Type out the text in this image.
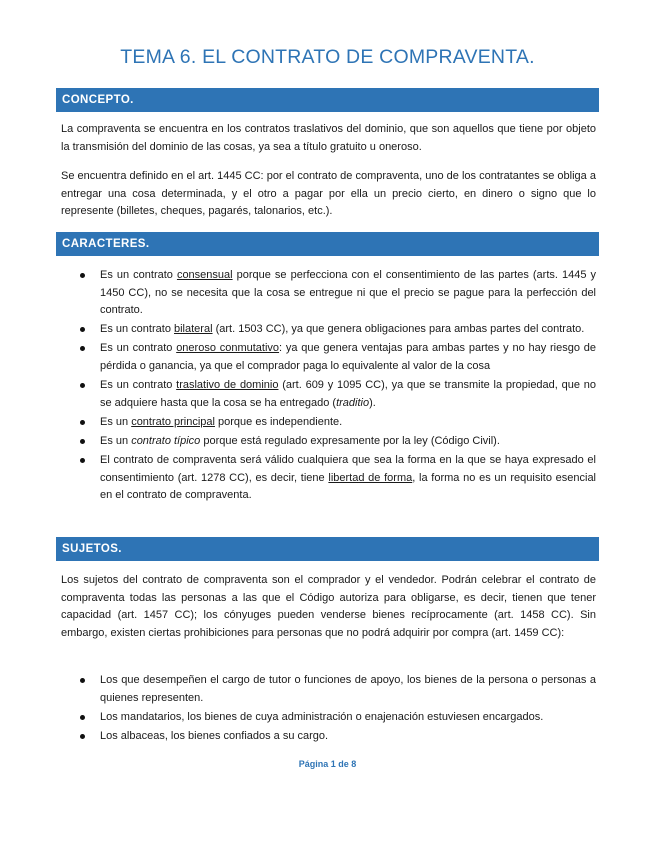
TEMA 6. EL CONTRATO DE COMPRAVENTA.
CONCEPTO.

La compraventa se encuentra en los contratos traslativos del dominio, que son aquellos que tiene por objeto la transmisión del dominio de las cosas, ya sea a título gratuito u oneroso.

Se encuentra definido en el art. 1445 CC: por el contrato de compraventa, uno de los contratantes se obliga a entregar una cosa determinada, y el otro a pagar por ella un precio cierto, en dinero o signo que lo represente (billetes, cheques, pagarés, talonarios, etc.).

CARACTERES.
Es un contrato consensual porque se perfecciona con el consentimiento de las partes (arts. 1445 y 1450 CC), no se necesita que la cosa se entregue ni que el precio se pague para la perfección del contrato.
Es un contrato bilateral (art. 1503 CC), ya que genera obligaciones para ambas partes del contrato.
Es un contrato oneroso conmutativo: ya que genera ventajas para ambas partes y no hay riesgo de pérdida o ganancia, ya que el comprador paga lo equivalente al valor de la cosa
Es un contrato traslativo de dominio (art. 609 y 1095 CC), ya que se transmite la propiedad, que no se adquiere hasta que la cosa se ha entregado (traditio).
Es un contrato principal porque es independiente.
Es un contrato típico porque está regulado expresamente por la ley (Código Civil).
El contrato de compraventa será válido cualquiera que sea la forma en la que se haya expresado el consentimiento (art. 1278 CC), es decir, tiene libertad de forma, la forma no es un requisito esencial en el contrato de compraventa.
SUJETOS.

Los sujetos del contrato de compraventa son el comprador y el vendedor. Podrán celebrar el contrato de compraventa todas las personas a las que el Código autoriza para obligarse, es decir, tienen que tener capacidad (art. 1457 CC); los cónyuges pueden venderse bienes recíprocamente (art. 1458 CC). Sin embargo, existen ciertas prohibiciones para personas que no podrá adquirir por compra (art. 1459 CC):

Los que desempeñen el cargo de tutor o funciones de apoyo, los bienes de la persona o personas a quienes representen.
Los mandatarios, los bienes de cuya administración o enajenación estuviesen encargados.
Los albaceas, los bienes confiados a su cargo.
Página 1 de 8
